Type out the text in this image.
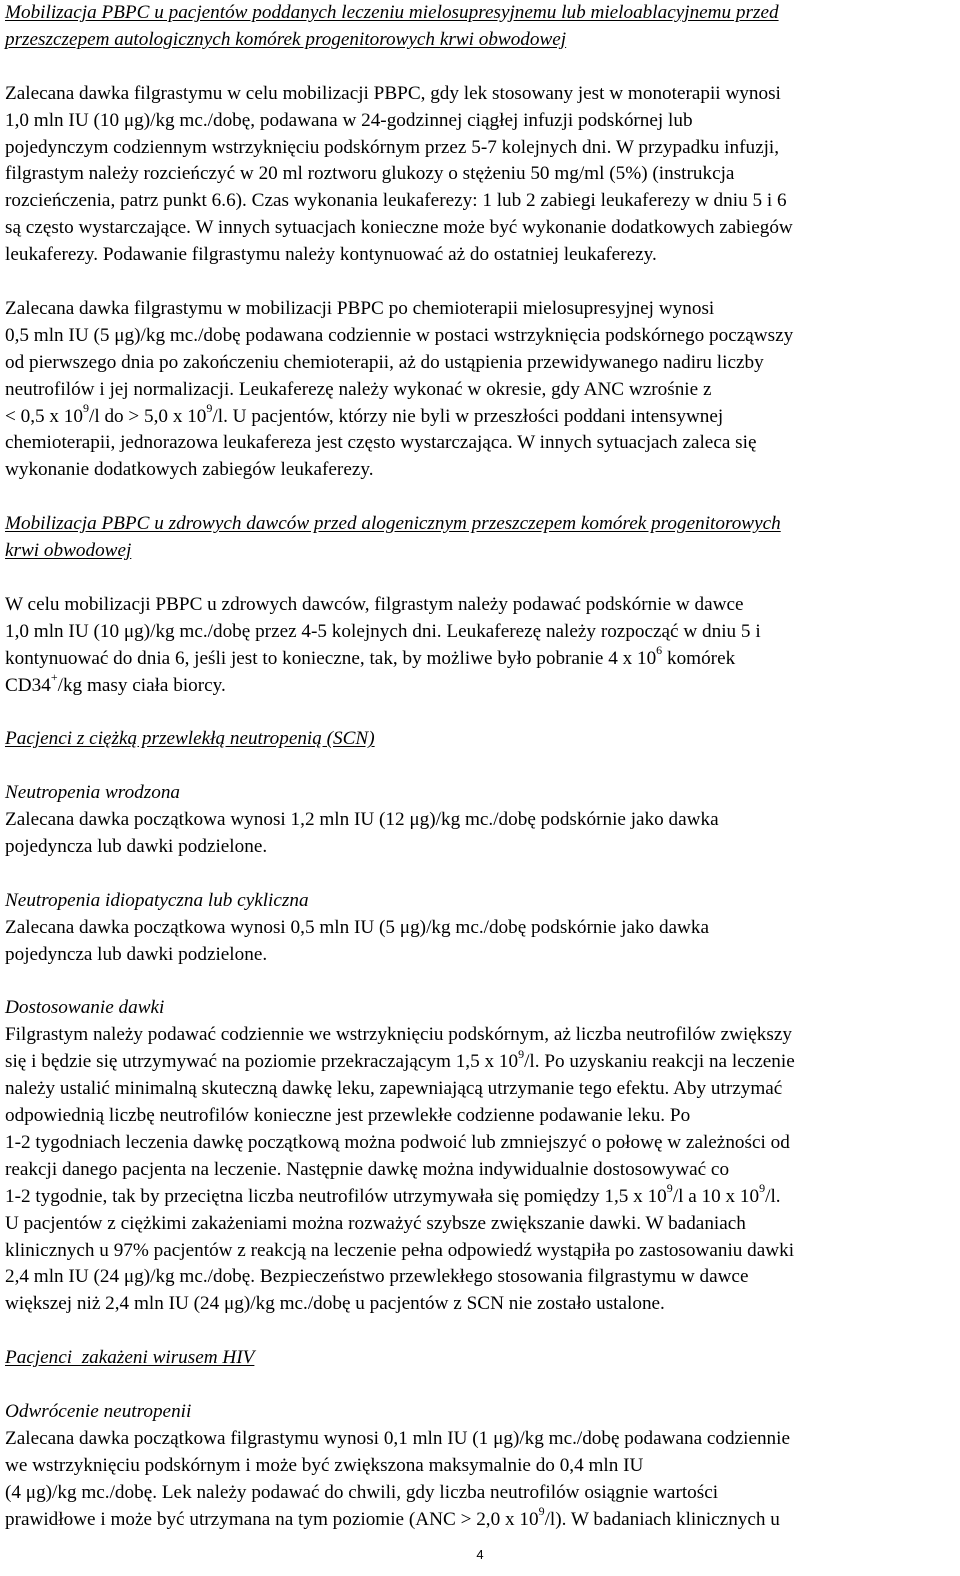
Mobilizacja PBPC u pacjentów poddanych leczeniu mielosupresyjnemu lub mieloablacyjnemu przed

przeszczepem autologicznych komórek progenitorowych krwi obwodowej

Zalecana dawka filgrastymu w celu mobilizacji PBPC, gdy lek stosowany jest w monoterapii wynosi

1,0 mln IU (10 μg)/kg mc./dobę, podawana w 24-godzinnej ciągłej infuzji podskórnej lub

pojedynczym codziennym wstrzyknięciu podskórnym przez 5-7 kolejnych dni. W przypadku infuzji,

filgrastym należy rozcieńczyć w 20 ml roztworu glukozy o stężeniu 50 mg/ml (5%) (instrukcja

rozcieńczenia, patrz punkt 6.6). Czas wykonania leukaferezy: 1 lub 2 zabiegi leukaferezy w dniu 5 i 6

są często wystarczające. W innych sytuacjach konieczne może być wykonanie dodatkowych zabiegów

leukaferezy. Podawanie filgrastymu należy kontynuować aż do ostatniej leukaferezy.

Zalecana dawka filgrastymu w mobilizacji PBPC po chemioterapii mielosupresyjnej wynosi

0,5 mln IU (5 μg)/kg mc./dobę podawana codziennie w postaci wstrzyknięcia podskórnego począwszy

od pierwszego dnia po zakończeniu chemioterapii, aż do ustąpienia przewidywanego nadiru liczby

neutrofilów i jej normalizacji. Leukaferezę należy wykonać w okresie, gdy ANC wzrośnie z

< 0,5 x $10^9/l$ do > 5,0 x $10^9/l$. U pacjentów, którzy nie byli w przeszłości poddani intensywnej

chemioterapii, jednorazowa leukafereza jest często wystarczająca. W innych sytuacjach zaleca się

wykonanie dodatkowych zabiegów leukaferezy.

Mobilizacja PBPC u zdrowych dawców przed alogenicznym przeszczepem komórek progenitorowych

krwi obwodowej

W celu mobilizacji PBPC u zdrowych dawców, filgrastym należy podawać podskórnie w dawce

1,0 mln IU (10 μg)/kg mc./dobę przez 4-5 kolejnych dni. Leukaferezę należy rozpocząć w dniu 5 i

kontynuować do dnia 6, jeśli jest to konieczne, tak, by możliwe było pobranie 4 x $10^6$ komórek

CD34+/kg masy ciała biorcy.

Pacjenci z ciężką przewlekłą neutropenią (SCN)

Neutropenia wrodzona

Zalecana dawka początkowa wynosi 1,2 mln IU (12 μg)/kg mc./dobę podskórnie jako dawka

pojedyncza lub dawki podzielone.

Neutropenia idiopatyczna lub cykliczna

Zalecana dawka początkowa wynosi 0,5 mln IU (5 μg)/kg mc./dobę podskórnie jako dawka

pojedyncza lub dawki podzielone.

Dostosowanie dawki

Filgrastym należy podawać codziennie we wstrzyknięciu podskórnym, aż liczba neutrofilów zwiększy

się i będzie się utrzymywać na poziomie przekraczającym 1,5 x $10^9/l$. Po uzyskaniu reakcji na leczenie

należy ustalić minimalną skuteczną dawkę leku, zapewniającą utrzymanie tego efektu. Aby utrzymać

odpowiednią liczbę neutrofilów konieczne jest przewlekłe codzienne podawanie leku. Po

1-2 tygodniach leczenia dawkę początkową można podwoić lub zmniejszyć o połowę w zależności od

reakcji danego pacjenta na leczenie. Następnie dawkę można indywidualnie dostosowywać co

1-2 tygodnie, tak by przeciętna liczba neutrofilów utrzymywała się pomiędzy 1,5 x $10^9/l$ a 10 x $10^9/l$.

U pacjentów z ciężkimi zakażeniami można rozważyć szybsze zwiększanie dawki. W badaniach

klinicznych u 97% pacjentów z reakcją na leczenie pełna odpowiedź wystąpiła po zastosowaniu dawki

2,4 mln IU (24 μg)/kg mc./dobę. Bezpieczeństwo przewlekłego stosowania filgrastymu w dawce

większej niż 2,4 mln IU (24 μg)/kg mc./dobę u pacjentów z SCN nie zostało ustalone.

Pacjenci  zakażeni wirusem HIV

Odwrócenie neutropenii

Zalecana dawka początkowa filgrastymu wynosi 0,1 mln IU (1 μg)/kg mc./dobę podawana codziennie

we wstrzyknięciu podskórnym i może być zwiększona maksymalnie do 0,4 mln IU

(4 μg)/kg mc./dobę. Lek należy podawać do chwili, gdy liczba neutrofilów osiągnie wartości

prawidłowe i może być utrzymana na tym poziomie (ANC > 2,0 x $10^9/l$). W badaniach klinicznych u

4
